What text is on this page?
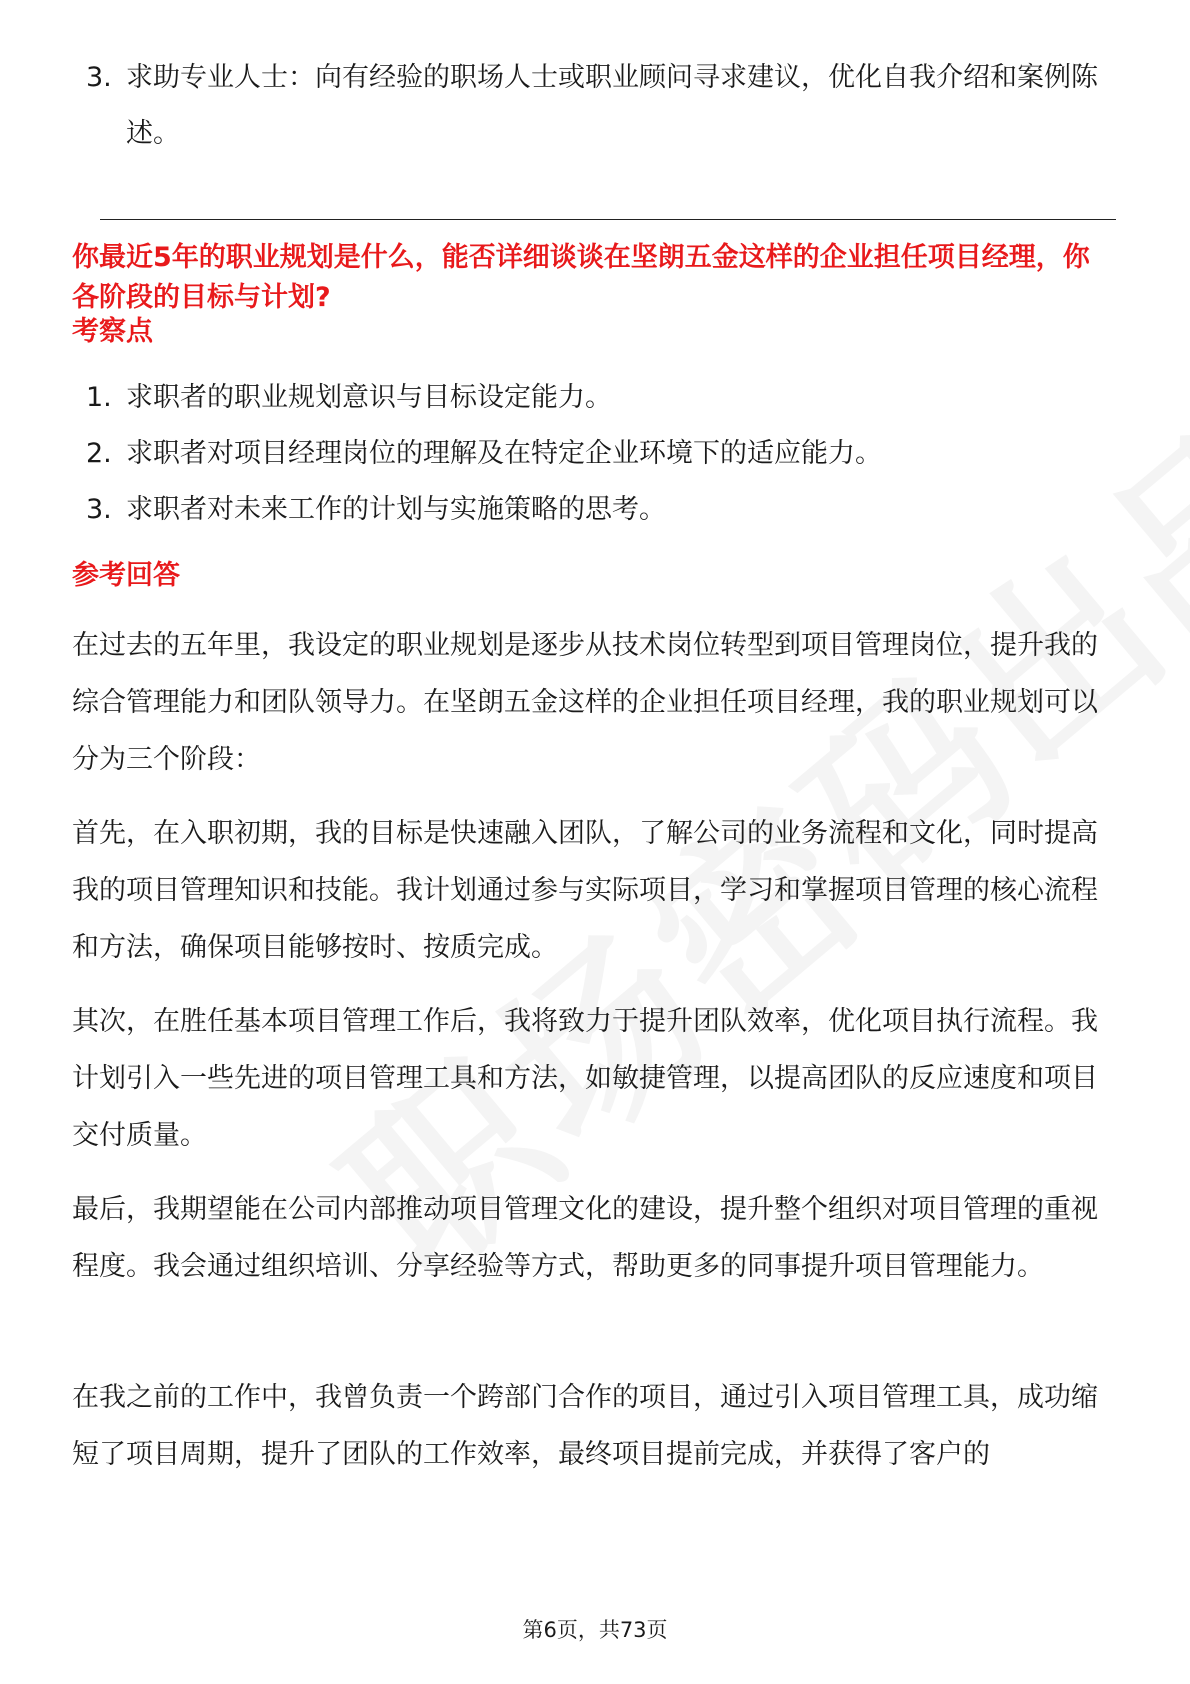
3. 求助专业人士：向有经验的职场人士或职业顾问寻求建议，优化自我介绍和案例陈述。
你最近5年的职业规划是什么，能否详细谈谈在坚朗五金这样的企业担任项目经理，你各阶段的目标与计划?
考察点
1. 求职者的职业规划意识与目标设定能力。
2. 求职者对项目经理岗位的理解及在特定企业环境下的适应能力。
3. 求职者对未来工作的计划与实施策略的思考。
参考回答

在过去的五年里，我设定的职业规划是逐步从技术岗位转型到项目管理岗位，提升我的综合管理能力和团队领导力。在坚朗五金这样的企业担任项目经理，我的职业规划可以分为三个阶段：

首先，在入职初期，我的目标是快速融入团队，了解公司的业务流程和文化，同时提高我的项目管理知识和技能。我计划通过参与实际项目，学习和掌握项目管理的核心流程和方法，确保项目能够按时、按质完成。

其次，在胜任基本项目管理工作后，我将致力于提升团队效率，优化项目执行流程。我计划引入一些先进的项目管理工具和方法，如敏捷管理，以提高团队的反应速度和项目交付质量。

最后，我期望能在公司内部推动项目管理文化的建设，提升整个组织对项目管理的重视程度。我会通过组织培训、分享经验等方式，帮助更多的同事提升项目管理能力。

在我之前的工作中，我曾负责一个跨部门合作的项目，通过引入项目管理工具，成功缩短了项目周期，提升了团队的工作效率，最终项目提前完成，并获得了客户的

第6页，共73页
